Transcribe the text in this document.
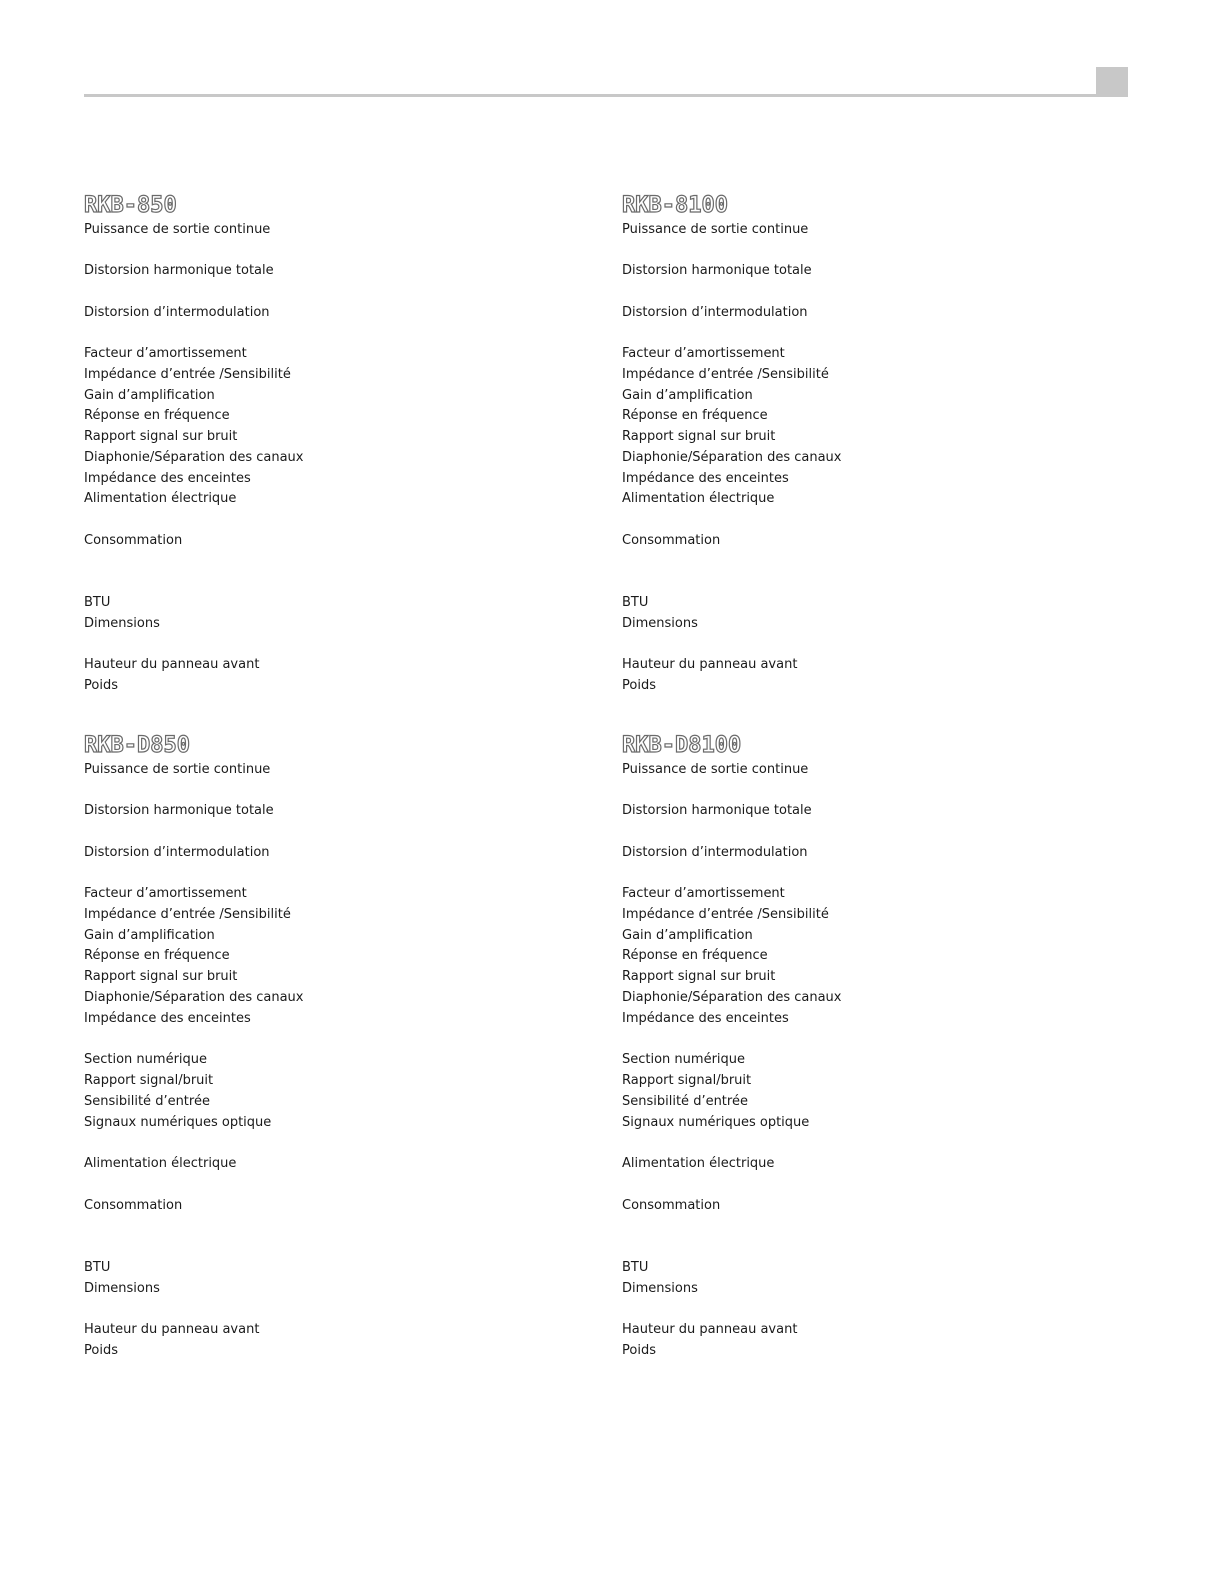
RKB-850
Puissance de sortie continue
Distorsion harmonique totale
Distorsion d’intermodulation
Facteur d’amortissement
Impédance d’entrée /Sensibilité
Gain d’amplification
Réponse en fréquence
Rapport signal sur bruit
Diaphonie/Séparation des canaux
Impédance des enceintes
Alimentation électrique
Consommation
BTU
Dimensions
Hauteur du panneau avant
Poids
RKB-8100
Puissance de sortie continue
Distorsion harmonique totale
Distorsion d’intermodulation
Facteur d’amortissement
Impédance d’entrée /Sensibilité
Gain d’amplification
Réponse en fréquence
Rapport signal sur bruit
Diaphonie/Séparation des canaux
Impédance des enceintes
Alimentation électrique
Consommation
BTU
Dimensions
Hauteur du panneau avant
Poids
RKB-D850
Puissance de sortie continue
Distorsion harmonique totale
Distorsion d’intermodulation
Facteur d’amortissement
Impédance d’entrée /Sensibilité
Gain d’amplification
Réponse en fréquence
Rapport signal sur bruit
Diaphonie/Séparation des canaux
Impédance des enceintes
Section numérique
Rapport signal/bruit
Sensibilité d’entrée
Signaux numériques optique
Alimentation électrique
Consommation
BTU
Dimensions
Hauteur du panneau avant
Poids
RKB-D8100
Puissance de sortie continue
Distorsion harmonique totale
Distorsion d’intermodulation
Facteur d’amortissement
Impédance d’entrée /Sensibilité
Gain d’amplification
Réponse en fréquence
Rapport signal sur bruit
Diaphonie/Séparation des canaux
Impédance des enceintes
Section numérique
Rapport signal/bruit
Sensibilité d’entrée
Signaux numériques optique
Alimentation électrique
Consommation
BTU
Dimensions
Hauteur du panneau avant
Poids
